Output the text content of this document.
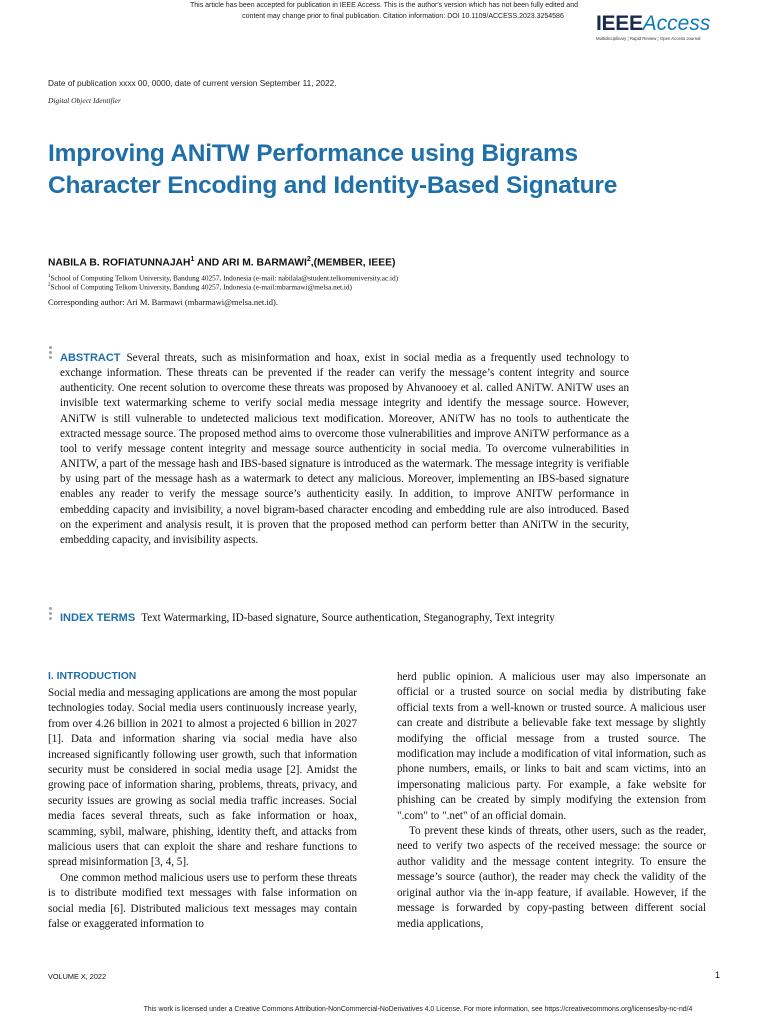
This article has been accepted for publication in IEEE Access. This is the author's version which has not been fully edited and
content may change prior to final publication. Citation information: DOI 10.1109/ACCESS.2023.3254586	IEEEAccess
Multidisciplinary ¦ Rapid Review ¦ Open Access Journal
Date of publication xxxx 00, 0000, date of current version September 11, 2022.
Digital Object Identifier
Improving ANiTW Performance using Bigrams Character Encoding and Identity-Based Signature
NABILA B. ROFIATUNNAJAH$^1$ AND ARI M. BARMAWI$^2$,(MEMBER, IEEE)
$^1$School of Computing Telkom University, Bandung 40257, Indonesia (e-mail: nabilala@student.telkomuniversity.ac.id)
$^2$School of Computing Telkom University, Bandung 40257, Indonesia (e-mail:mbarmawi@melsa.net.id)
Corresponding author: Ari M. Barmawi (mbarmawi@melsa.net.id).

ABSTRACT Several threats, such as misinformation and hoax, exist in social media as a frequently used technology to exchange information. These threats can be prevented if the reader can verify the message’s content integrity and source authenticity. One recent solution to overcome these threats was proposed by Ahvanooey et al. called ANiTW. ANiTW uses an invisible text watermarking scheme to verify social media message integrity and identify the message source. However, ANiTW is still vulnerable to undetected malicious text modification. Moreover, ANiTW has no tools to authenticate the extracted message source. The proposed method aims to overcome those vulnerabilities and improve ANiTW performance as a tool to verify message content integrity and message source authenticity in social media. To overcome vulnerabilities in ANITW, a part of the message hash and IBS-based signature is introduced as the watermark. The message integrity is verifiable by using part of the message hash as a watermark to detect any malicious. Moreover, implementing an IBS-based signature enables any reader to verify the message source’s authenticity easily. In addition, to improve ANITW performance in embedding capacity and invisibility, a novel bigram-based character encoding and embedding rule are also introduced. Based on the experiment and analysis result, it is proven that the proposed method can perform better than ANiTW in the security, embedding capacity, and invisibility aspects.

INDEX TERMS Text Watermarking, ID-based signature, Source authentication, Steganography, Text integrity

I. INTRODUCTION

Social media and messaging applications are among the most popular technologies today. Social media users continuously increase yearly, from over 4.26 billion in 2021 to almost a projected 6 billion in 2027 [1]. Data and information sharing via social media have also increased significantly following user growth, such that information security must be considered in social media usage [2]. Amidst the growing pace of information sharing, problems, threats, privacy, and security issues are growing as social media traffic increases. Social media faces several threats, such as fake information or hoax, scamming, sybil, malware, phishing, identity theft, and attacks from malicious users that can exploit the share and reshare functions to spread misinformation [3, 4, 5].

One common method malicious users use to perform these threats is to distribute modified text messages with false information on social media [6]. Distributed malicious text messages may contain false or exaggerated information to

herd public opinion. A malicious user may also impersonate an official or a trusted source on social media by distributing fake official texts from a well-known or trusted source. A malicious user can create and distribute a believable fake text message by slightly modifying the official message from a trusted source. The modification may include a modification of vital information, such as phone numbers, emails, or links to bait and scam victims, into an impersonating malicious party. For example, a fake website for phishing can be created by simply modifying the extension from ".com" to ".net" of an official domain.

To prevent these kinds of threats, other users, such as the reader, need to verify two aspects of the received message: the source or author validity and the message content integrity. To ensure the message’s source (author), the reader may check the validity of the original author via the in-app feature, if available. However, if the message is forwarded by copy-pasting between different social media applications,

VOLUME X, 2022	1
This work is licensed under a Creative Commons Attribution-NonCommercial-NoDerivatives 4.0 License. For more information, see https://creativecommons.org/licenses/by-nc-nd/4
